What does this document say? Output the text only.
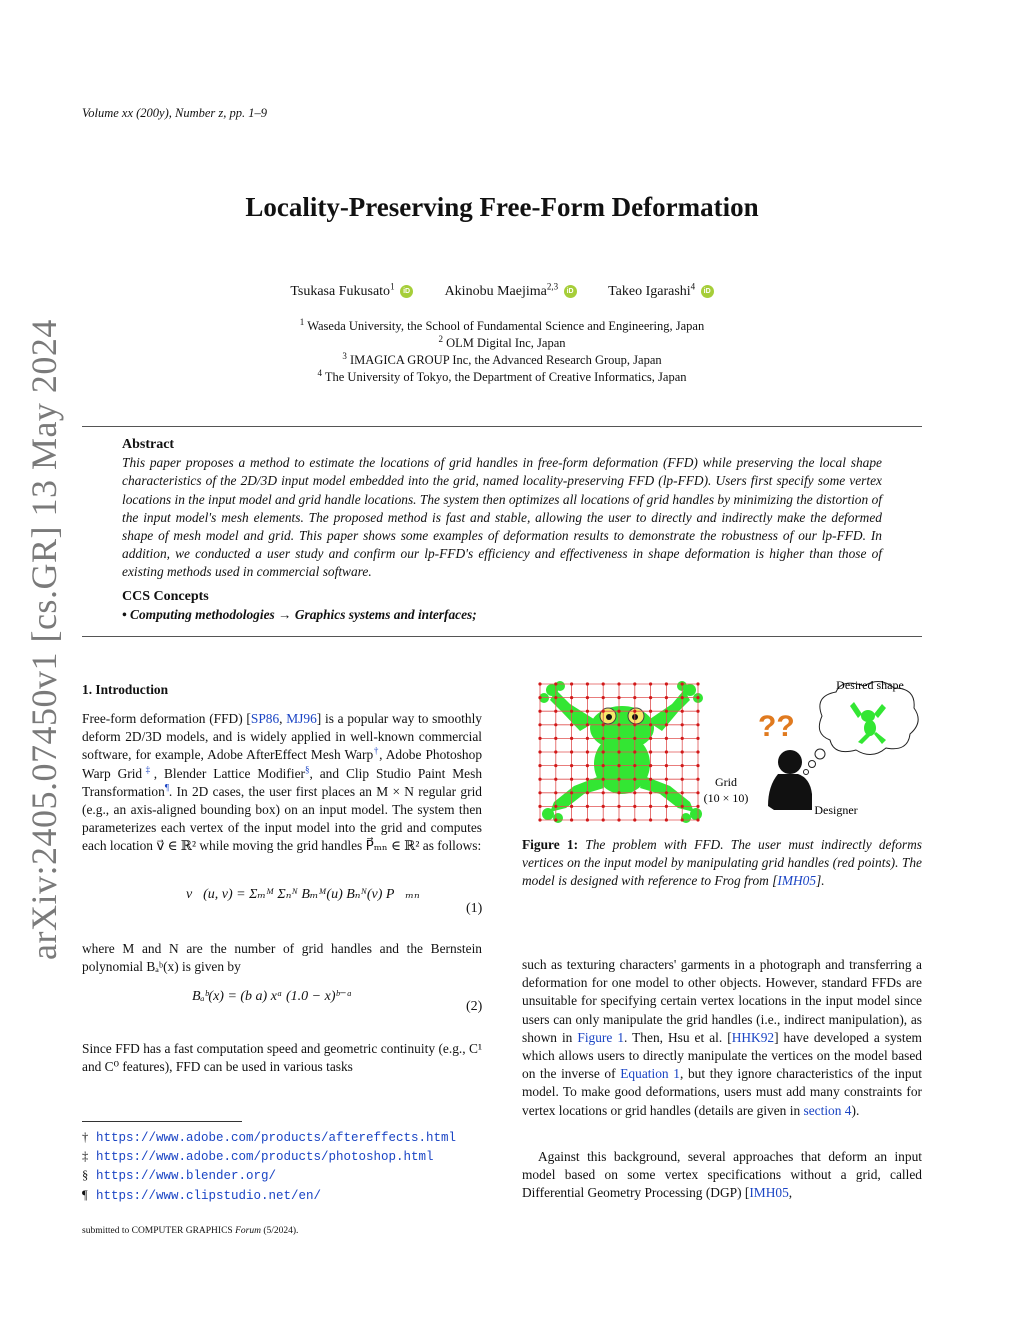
Volume xx (200y), Number z, pp. 1–9
arXiv:2405.07450v1 [cs.GR] 13 May 2024
Locality-Preserving Free-Form Deformation
Tsukasa Fukusato$^1$ iD Akinobu Maejima$^{2,3}$ iD Takeo Igarashi$^4$ iD
$^1$ Waseda University, the School of Fundamental Science and Engineering, Japan
$^2$ OLM Digital Inc, Japan
$^3$ IMAGICA GROUP Inc, the Advanced Research Group, Japan
$^4$ The University of Tokyo, the Department of Creative Informatics, Japan
Abstract

This paper proposes a method to estimate the locations of grid handles in free-form deformation (FFD) while preserving the local shape characteristics of the 2D/3D input model embedded into the grid, named locality-preserving FFD (lp-FFD). Users first specify some vertex locations in the input model and grid handle locations. The system then optimizes all locations of grid handles by minimizing the distortion of the input model's mesh elements. The proposed method is fast and stable, allowing the user to directly and indirectly make the deformed shape of mesh model and grid. This paper shows some examples of deformation results to demonstrate the robustness of our lp-FFD. In addition, we conducted a user study and confirm our lp-FFD's efficiency and effectiveness in shape deformation is higher than those of existing methods used in commercial software.

CCS Concepts
• Computing methodologies → Graphics systems and interfaces;
1. Introduction
Free-form deformation (FFD) [SP86, MJ96] is a popular way to smoothly deform 2D/3D models, and is widely applied in well-known commercial software, for example, Adobe AfterEffect Mesh Warp†, Adobe Photoshop Warp Grid‡, Blender Lattice Modifier§, and Clip Studio Paint Mesh Transformation¶. In 2D cases, the user first places an M × N regular grid (e.g., an axis-aligned bounding box) on an input model. The system then parameterizes each vertex of the input model into the grid and computes each location v⃗ ∈ ℝ² while moving the grid handles P⃗ₘₙ ∈ ℝ² as follows:
v⃗(u, v) = Σₘᴹ Σₙᴺ Bₘᴹ(u) Bₙᴺ(v) P⃗ₘₙ
(1)
where M and N are the number of grid handles and the Bernstein polynomial Bₐᵇ(x) is given by
Bₐᵇ(x) = (b a) xᵃ (1.0 − x)ᵇ⁻ᵃ
(2)
Since FFD has a fast computation speed and geometric continuity (e.g., C¹ and C⁰ features), FFD can be used in various tasks
† https://www.adobe.com/products/aftereffects.html
‡ https://www.adobe.com/products/photoshop.html
§ https://www.blender.org/
¶ https://www.clipstudio.net/en/
submitted to COMPUTER GRAPHICS Forum (5/2024).
Grid
(10 × 10)
??
Designer
Desired shape
Figure 1: The problem with FFD. The user must indirectly deforms vertices on the input model by manipulating grid handles (red points). The model is designed with reference to Frog from [IMH05].
such as texturing characters' garments in a photograph and transferring a deformation for one model to other objects. However, standard FFDs are unsuitable for specifying certain vertex locations in the input model since users can only manipulate the grid handles (i.e., indirect manipulation), as shown in Figure 1. Then, Hsu et al. [HHK92] have developed a system which allows users to directly manipulate the vertices on the model based on the inverse of Equation 1, but they ignore characteristics of the input model. To make good deformations, users must add many constraints for vertex locations or grid handles (details are given in section 4).
Against this background, several approaches that deform an input model based on some vertex specifications without a grid, called Differential Geometry Processing (DGP) [IMH05,
